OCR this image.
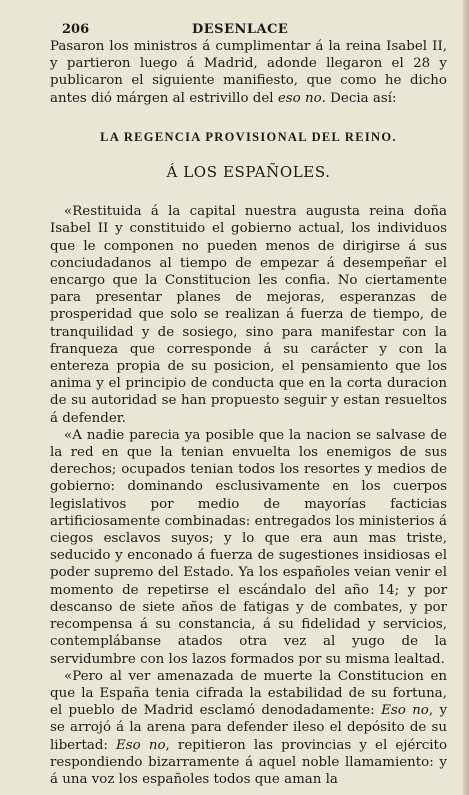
206	DESENLACE

Pasaron los ministros á cumplimentar á la reina Isabel II, y partieron luego á Madrid, adonde llegaron el 28 y publicaron el siguiente manifiesto, que como he dicho antes dió márgen al estrivillo del eso no. Decia así:

LA REGENCIA PROVISIONAL DEL REINO.
Á LOS ESPAÑOLES.

«Restituida á la capital nuestra augusta reina doña Isabel II y constituido el gobierno actual, los individuos que le componen no pueden menos de dirigirse á sus conciudadanos al tiempo de empezar á desempeñar el encargo que la Constitucion les confia. No ciertamente para presentar planes de mejoras, esperanzas de prosperidad que solo se realizan á fuerza de tiempo, de tranquilidad y de sosiego, sino para manifestar con la franqueza que corresponde á su carácter y con la entereza propia de su posicion, el pensamiento que los anima y el principio de conducta que en la corta duracion de su autoridad se han propuesto seguir y estan resueltos á defender.

«A nadie parecia ya posible que la nacion se salvase de la red en que la tenian envuelta los enemigos de sus derechos; ocupados tenian todos los resortes y medios de gobierno: dominando esclusivamente en los cuerpos legislativos por medio de mayorías facticias artificiosamente combinadas: entregados los ministerios á ciegos esclavos suyos; y lo que era aun mas triste, seducido y enconado á fuerza de sugestiones insidiosas el poder supremo del Estado. Ya los españoles veian venir el momento de repetirse el escándalo del año 14; y por descanso de siete años de fatigas y de combates, y por recompensa á su constancia, á su fidelidad y servicios, contemplábanse atados otra vez al yugo de la servidumbre con los lazos formados por su misma lealtad.

«Pero al ver amenazada de muerte la Constitucion en que la España tenia cifrada la estabilidad de su fortuna, el pueblo de Madrid esclamó denodadamente: Eso no, y se arrojó á la arena para defender ileso el depósito de su libertad: Eso no, repitieron las provincias y el ejército respondiendo bizarramente á aquel noble llamamiento: y á una voz los españoles todos que aman la
